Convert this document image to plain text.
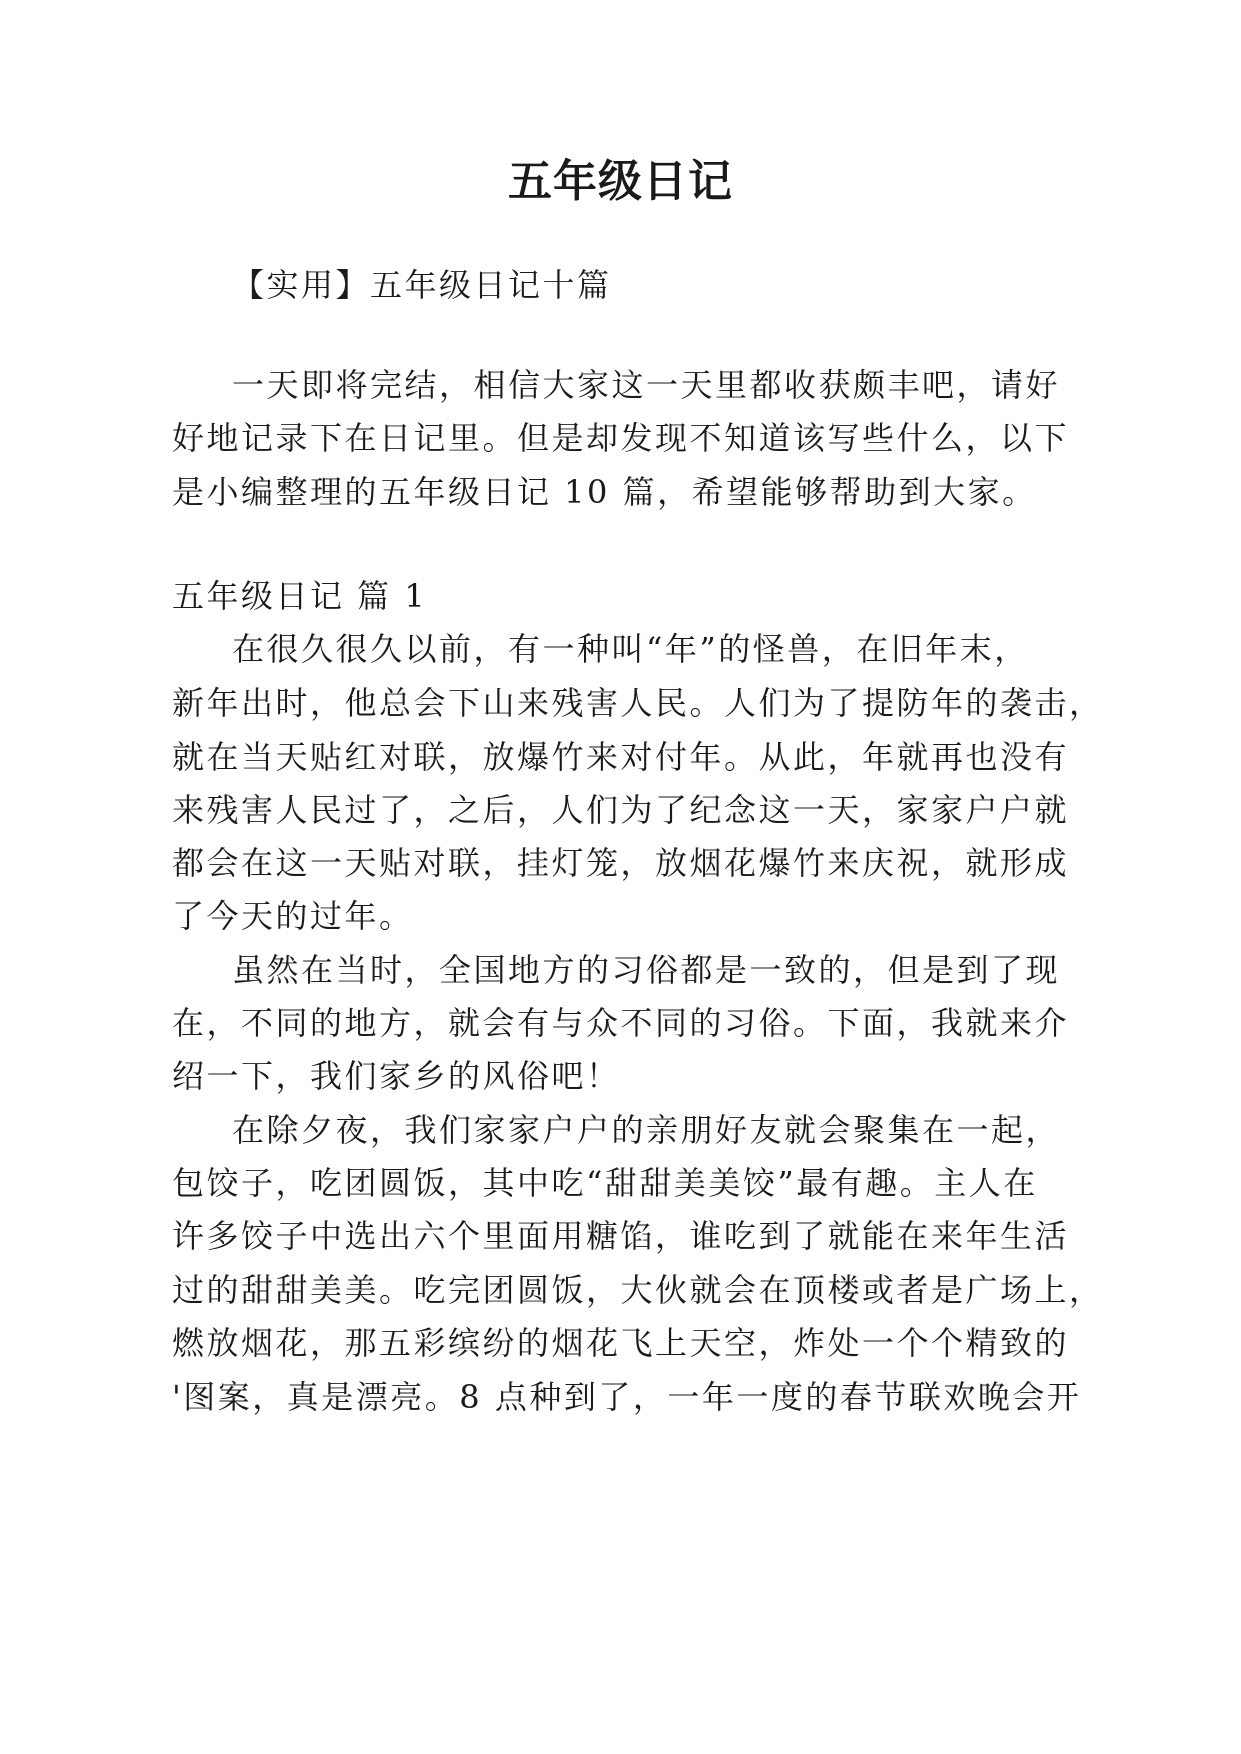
五年级日记
【实用】五年级日记十篇
一天即将完结，相信大家这一天里都收获颇丰吧，请好
好地记录下在日记里。但是却发现不知道该写些什么，以下
是小编整理的五年级日记 10 篇，希望能够帮助到大家。
五年级日记 篇 1
在很久很久以前，有一种叫“年”的怪兽，在旧年末，
新年出时，他总会下山来残害人民。人们为了提防年的袭击，
就在当天贴红对联，放爆竹来对付年。从此，年就再也没有
来残害人民过了，之后，人们为了纪念这一天，家家户户就
都会在这一天贴对联，挂灯笼，放烟花爆竹来庆祝，就形成
了今天的过年。
虽然在当时，全国地方的习俗都是一致的，但是到了现
在，不同的地方，就会有与众不同的习俗。下面，我就来介
绍一下，我们家乡的风俗吧！
在除夕夜，我们家家户户的亲朋好友就会聚集在一起，
包饺子，吃团圆饭，其中吃“甜甜美美饺”最有趣。主人在
许多饺子中选出六个里面用糖馅，谁吃到了就能在来年生活
过的甜甜美美。吃完团圆饭，大伙就会在顶楼或者是广场上，
燃放烟花，那五彩缤纷的烟花飞上天空，炸处一个个精致的
'图案，真是漂亮。8 点种到了，一年一度的春节联欢晚会开
